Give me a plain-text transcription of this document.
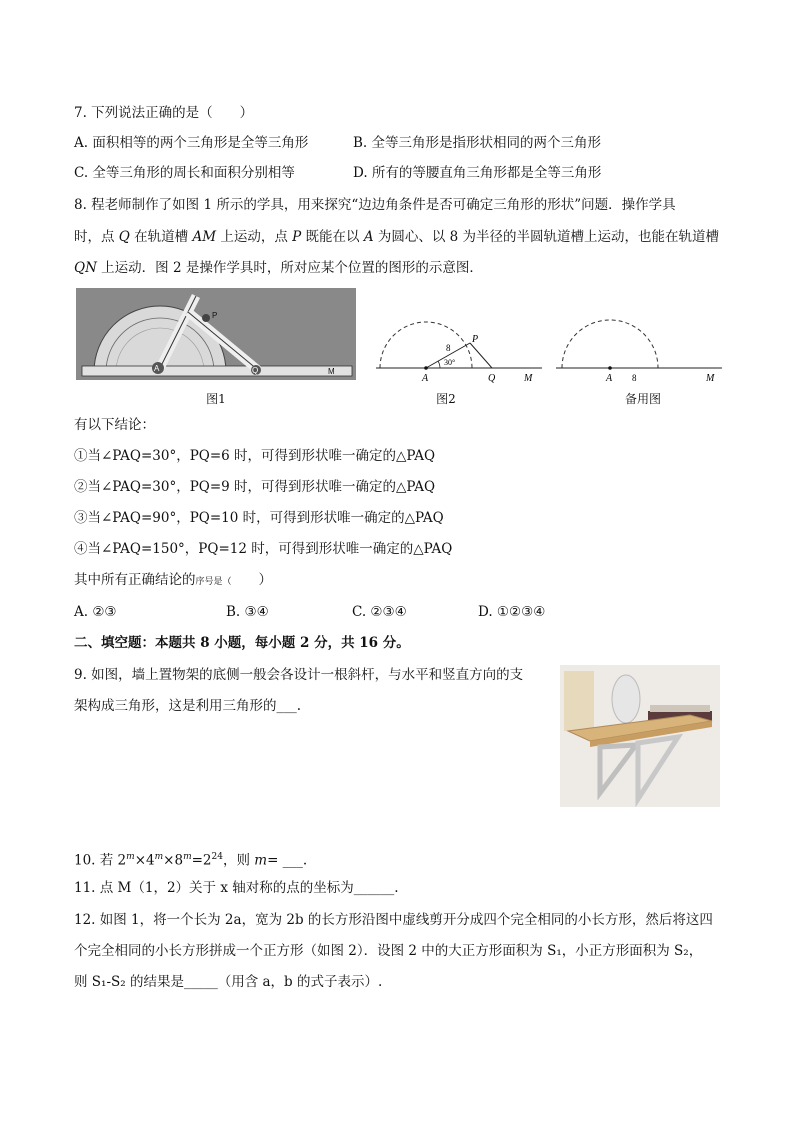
7. 下列说法正确的是（　　）
A. 面积相等的两个三角形是全等三角形	B. 全等三角形是指形状相同的两个三角形
C. 全等三角形的周长和面积分别相等	D. 所有的等腰直角三角形都是全等三角形
8. 程老师制作了如图 1 所示的学具，用来探究“边边角条件是否可确定三角形的形状”问题．操作学具
时，点 Q 在轨道槽 AM 上运动，点 P 既能在以 A 为圆心、以 8 为半径的半圆轨道槽上运动，也能在轨道槽
QN 上运动．图 2 是操作学具时，所对应某个位置的图形的示意图．
A	Q
P
M
图1
A	Q	M
P
8
30°
图2
A 8	M
备用图
有以下结论：
①当∠PAQ=30°，PQ=6 时，可得到形状唯一确定的△PAQ
②当∠PAQ=30°，PQ=9 时，可得到形状唯一确定的△PAQ
③当∠PAQ=90°，PQ=10 时，可得到形状唯一确定的△PAQ
④当∠PAQ=150°，PQ=12 时，可得到形状唯一确定的△PAQ
其中所有正确结论的序号是（　　）
A. ②③	B. ③④	C. ②③④	D. ①②③④
二、填空题：本题共 8 小题，每小题 2 分，共 16 分。
9. 如图，墙上置物架的底侧一般会各设计一根斜杆，与水平和竖直方向的支
架构成三角形，这是利用三角形的___.
10. 若 $2^m\times 4^m\times 8^m=2^{24}$，则 m= ___.
11. 点 M（1，2）关于 x 轴对称的点的坐标为______.
12. 如图 1，将一个长为 2a，宽为 2b 的长方形沿图中虚线剪开分成四个完全相同的小长方形，然后将这四
个完全相同的小长方形拼成一个正方形（如图 2）．设图 2 中的大正方形面积为 S₁，小正方形面积为 S₂，
则 S₁-S₂ 的结果是_____（用含 a，b 的式子表示）.
